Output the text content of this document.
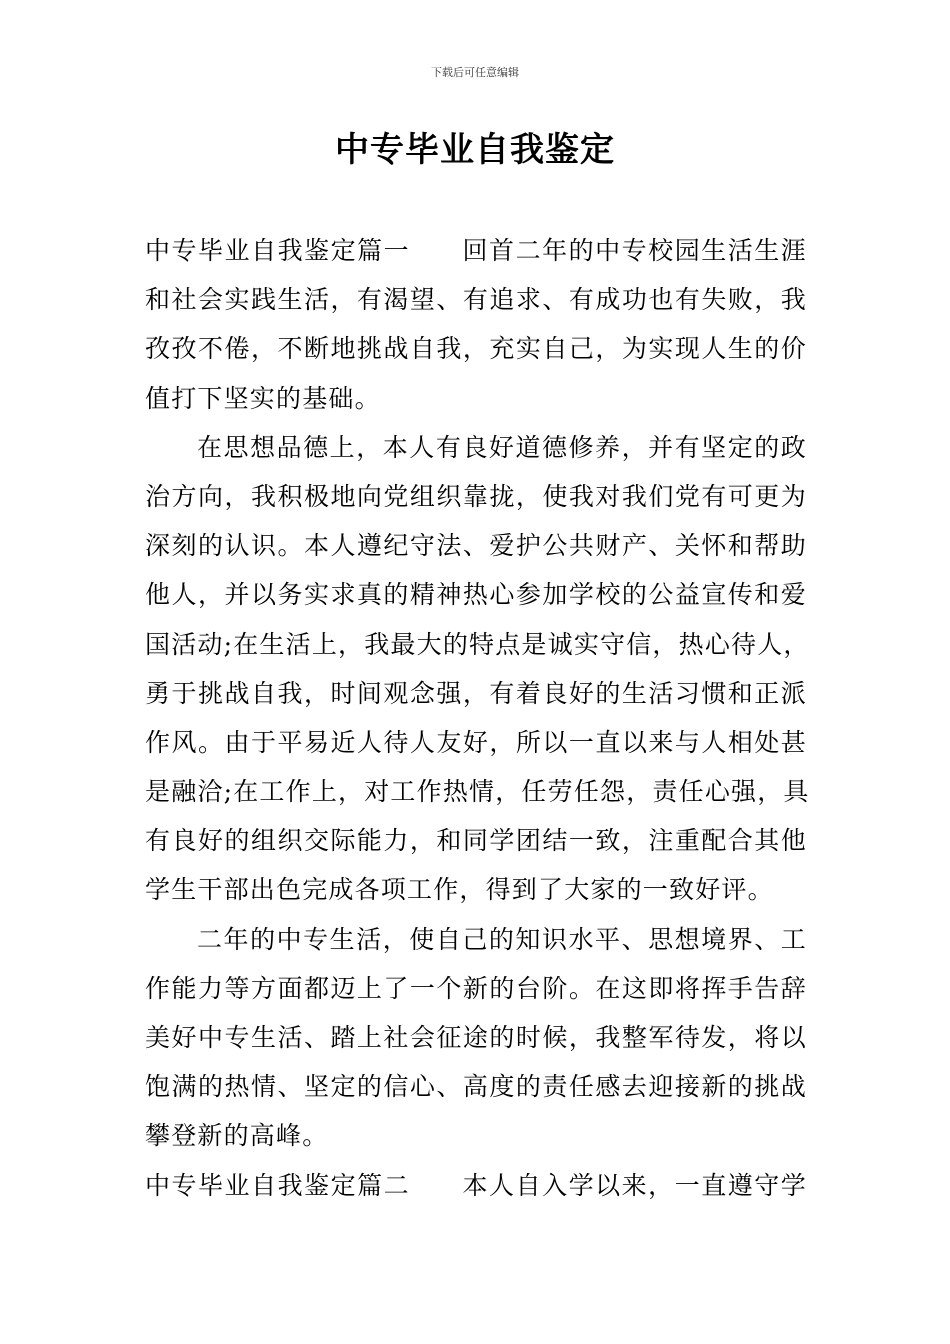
下载后可任意编辑
中专毕业自我鉴定
中专毕业自我鉴定篇一 回首二年的中专校园生活生涯
和社会实践生活，有渴望、有追求、有成功也有失败，我
孜孜不倦，不断地挑战自我，充实自己，为实现人生的价
值打下坚实的基础。
在思想品德上，本人有良好道德修养，并有坚定的政
治方向，我积极地向党组织靠拢，使我对我们党有可更为
深刻的认识。本人遵纪守法、爱护公共财产、关怀和帮助
他人，并以务实求真的精神热心参加学校的公益宣传和爱
国活动;在生活上，我最大的特点是诚实守信，热心待人，
勇于挑战自我，时间观念强，有着良好的生活习惯和正派
作风。由于平易近人待人友好，所以一直以来与人相处甚
是融洽;在工作上，对工作热情，任劳任怨，责任心强，具
有良好的组织交际能力，和同学团结一致，注重配合其他
学生干部出色完成各项工作，得到了大家的一致好评。
二年的中专生活，使自己的知识水平、思想境界、工
作能力等方面都迈上了一个新的台阶。在这即将挥手告辞
美好中专生活、踏上社会征途的时候，我整军待发，将以
饱满的热情、坚定的信心、高度的责任感去迎接新的挑战
攀登新的高峰。
中专毕业自我鉴定篇二 本人自入学以来，一直遵守学
